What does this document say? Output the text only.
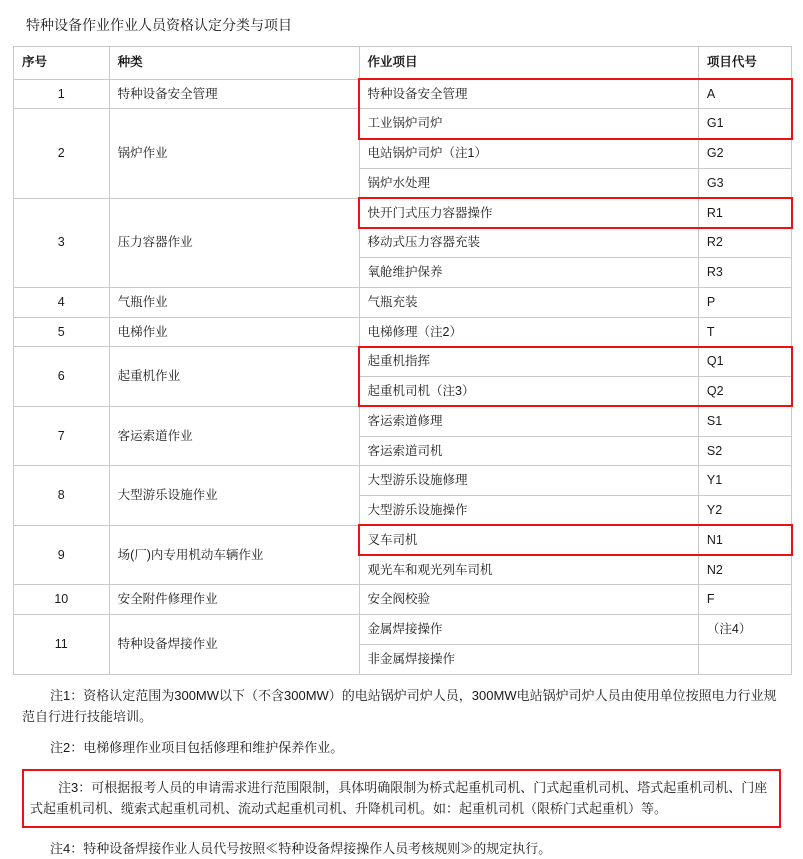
特种设备作业作业人员资格认定分类与项目
序号	种类	作业项目	项目代号
1	特种设备安全管理	特种设备安全管理	A
2	锅炉作业	工业锅炉司炉	G1
		电站锅炉司炉（注1）	G2
		锅炉水处理	G3
3	压力容器作业	快开门式压力容器操作	R1
		移动式压力容器充装	R2
		氧舱维护保养	R3
4	气瓶作业	气瓶充装	P
5	电梯作业	电梯修理（注2）	T
6	起重机作业	起重机指挥	Q1
		起重机司机（注3）	Q2
7	客运索道作业	客运索道修理	S1
		客运索道司机	S2
8	大型游乐设施作业	大型游乐设施修理	Y1
		大型游乐设施操作	Y2
9	场(厂)内专用机动车辆作业	叉车司机	N1
		观光车和观光列车司机	N2
10	安全附件修理作业	安全阀校验	F
11	特种设备焊接作业	金属焊接操作	（注4）
		非金属焊接操作	

注1：资格认定范围为300MW以下（不含300MW）的电站锅炉司炉人员，300MW电站锅炉司炉人员由使用单位按照电力行业规范自行进行技能培训。

注2：电梯修理作业项目包括修理和维护保养作业。

注3：可根据报考人员的申请需求进行范围限制，具体明确限制为桥式起重机司机、门式起重机司机、塔式起重机司机、门座式起重机司机、缆索式起重机司机、流动式起重机司机、升降机司机。如：起重机司机（限桥门式起重机）等。

注4：特种设备焊接作业人员代号按照≪特种设备焊接操作人员考核规则≫的规定执行。
